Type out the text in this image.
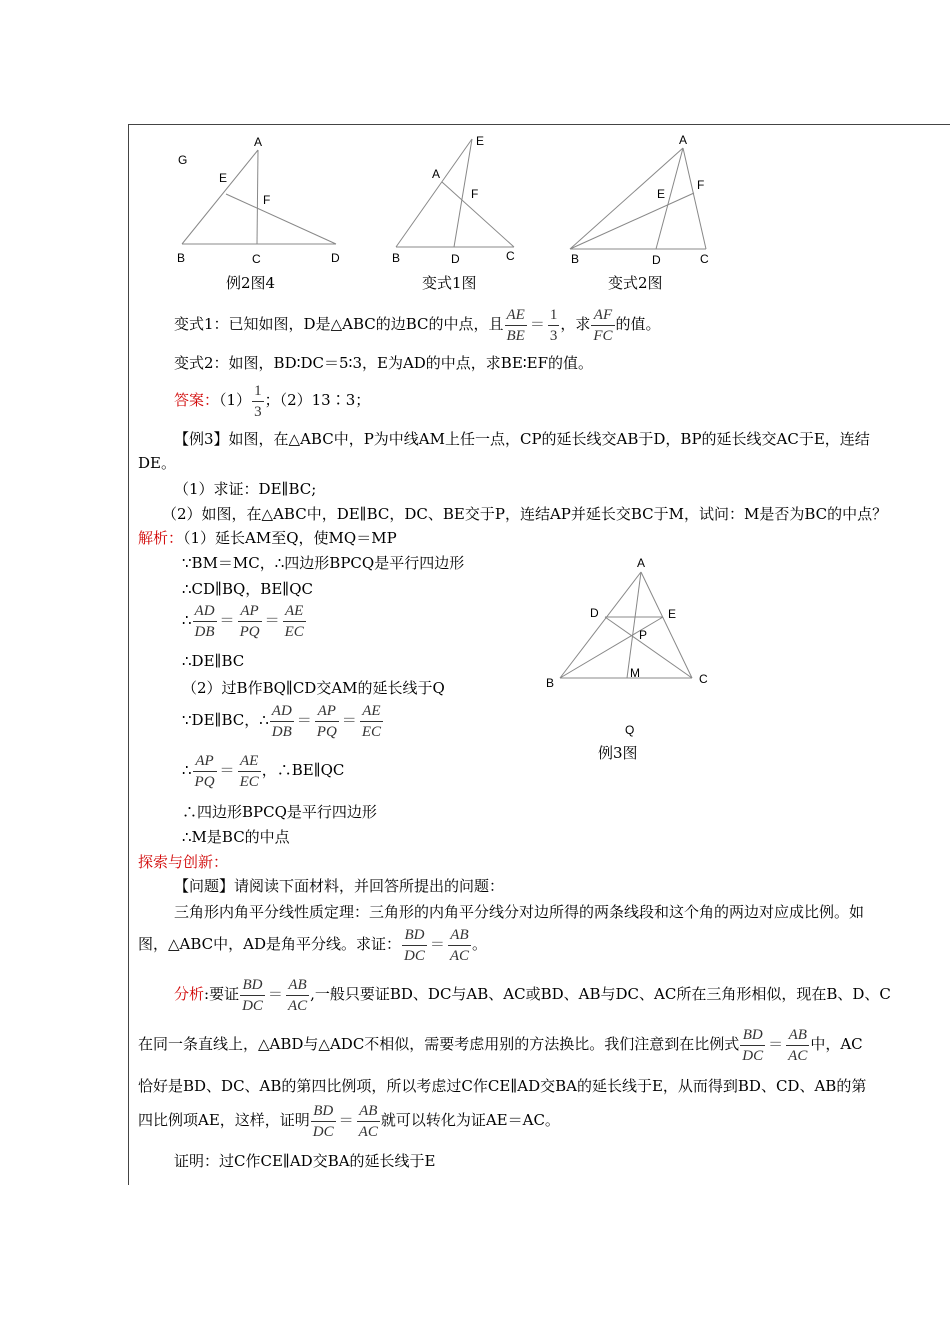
A
G
E
F
B	C	D
例2图4
E
A
F
B	D	C
变式1图
A
F
E
B	D	C
变式2图
变式1：已知如图，D是△ABC的边BC的中点，且 $\frac{AE}{BE} = \frac{1}{3}$ ，求 $\frac{AF}{FC}$ 的值。
变式2：如图，BD∶DC＝5∶3，E为AD的中点，求BE∶EF的值。
答案：$(1) \frac{1}{3}$ ；（2）13∶3；
【例3】如图，在△ABC中，P为中线AM上任一点，CP的延长线交AB于D，BP的延长线交AC于E，连结
DE。
（1）求证：DE∥BC;
（2）如图，在△ABC中，DE∥BC，DC、BE交于P，连结AP并延长交BC于M，试问：M是否为BC的中点？
解析：（1）延长AM至Q，使MQ＝MP
∵BM＝MC，∴四边形BPCQ是平行四边形
∴CD∥BQ，BE∥QC
∴ $\frac{AD}{DB} = \frac{AP}{PQ} = \frac{AE}{EC}$
∴DE∥BC
（2）过B作BQ∥CD交AM的延长线于Q
∵DE∥BC，∴ $\frac{AD}{DB} = \frac{AP}{PQ} = \frac{AE}{EC}$
∴ $\frac{AP}{PQ} = \frac{AE}{EC}$ ，∴BE∥QC
∴四边形BPCQ是平行四边形
∴M是BC的中点
A
D	E
P
M
B	C
Q
例3图
探索与创新：
【问题】请阅读下面材料，并回答所提出的问题：
三角形内角平分线性质定理：三角形的内角平分线分对边所得的两条线段和这个角的两边对应成比例。如
图，△ABC中，AD是角平分线。求证： $\frac{BD}{DC} = \frac{AB}{AC}$ 。
分析:要证 $\frac{BD}{DC} = \frac{AB}{AC}$ ,一般只要证BD、DC与AB、AC或BD、AB与DC、AC所在三角形相似，现在B、D、C
在同一条直线上，△ABD与△ADC不相似，需要考虑用别的方法换比。我们注意到在比例式 $\frac{BD}{DC} = \frac{AB}{AC}$ 中，AC
恰好是BD、DC、AB的第四比例项，所以考虑过C作CE∥AD交BA的延长线于E，从而得到BD、CD、AB的第
四比例项AE，这样，证明 $\frac{BD}{DC} = \frac{AB}{AC}$ 就可以转化为证AE＝AC。
证明：过C作CE∥AD交BA的延长线于E
